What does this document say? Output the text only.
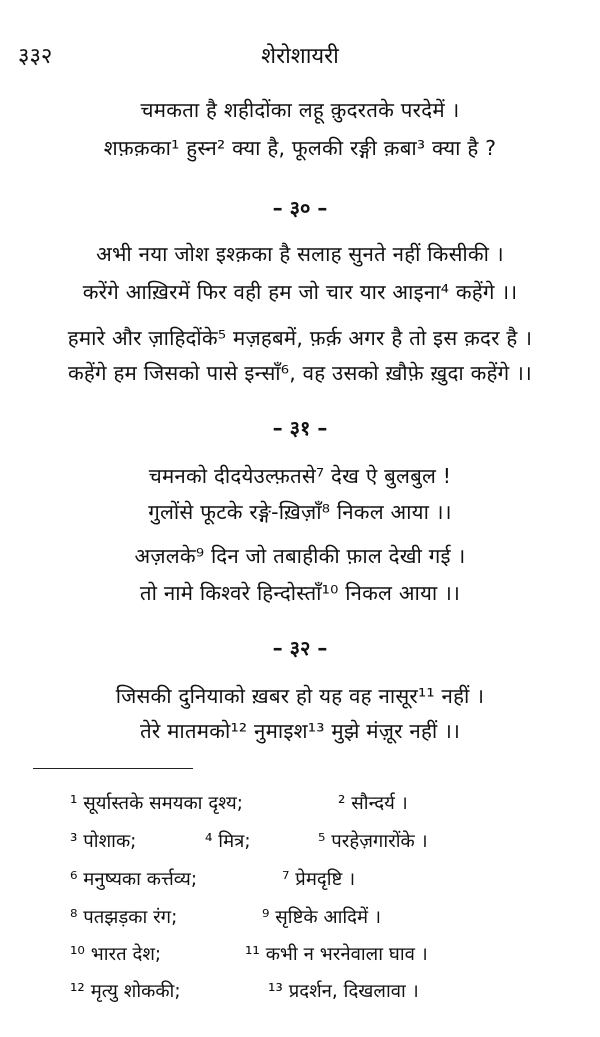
३३२	शेरोशायरी
चमकता है शहीदोंका लहू क़ुदरतके परदेमें ।
शफ़क़का¹ हुस्न² क्या है, फूलकी रङ्गी क़बा³ क्या है ?
– ३० –
अभी नया जोश इश्क़का है सलाह सुनते नहीं किसीकी ।
करेंगे आख़िरमें फिर वही हम जो चार यार आइना⁴ कहेंगे ।।
हमारे और ज़ाहिदोंके⁵ मज़हबमें, फ़र्क़ अगर है तो इस क़दर है ।
कहेंगे हम जिसको पासे इन्साँ⁶, वह उसको ख़ौफ़े ख़ुदा कहेंगे ।।
– ३१ –
चमनको दीदयेउल्फ़तसे⁷ देख ऐ बुलबुल !
गुलोंसे फूटके रङ्गे-ख़िज़ाँ⁸ निकल आया ।।
अज़लके⁹ दिन जो तबाहीकी फ़ाल देखी गई ।
तो नामे किश्वरे हिन्दोस्ताँ¹⁰ निकल आया ।।
– ३२ –
जिसकी दुनियाको ख़बर हो यह वह नासूर¹¹ नहीं ।
तेरे मातमको¹² नुमाइश¹³ मुझे मंज़ूर नहीं ।।
¹ सूर्यास्तके समयका दृश्य;	² सौन्दर्य ।
³ पोशाक;	⁴ मित्र;	⁵ परहेज़गारोंके ।
⁶ मनुष्यका कर्त्तव्य;	⁷ प्रेमदृष्टि ।
⁸ पतझड़का रंग;	⁹ सृष्टिके आदिमें ।
¹⁰ भारत देश;	¹¹ कभी न भरनेवाला घाव ।
¹² मृत्यु शोककी;	¹³ प्रदर्शन, दिखलावा ।
